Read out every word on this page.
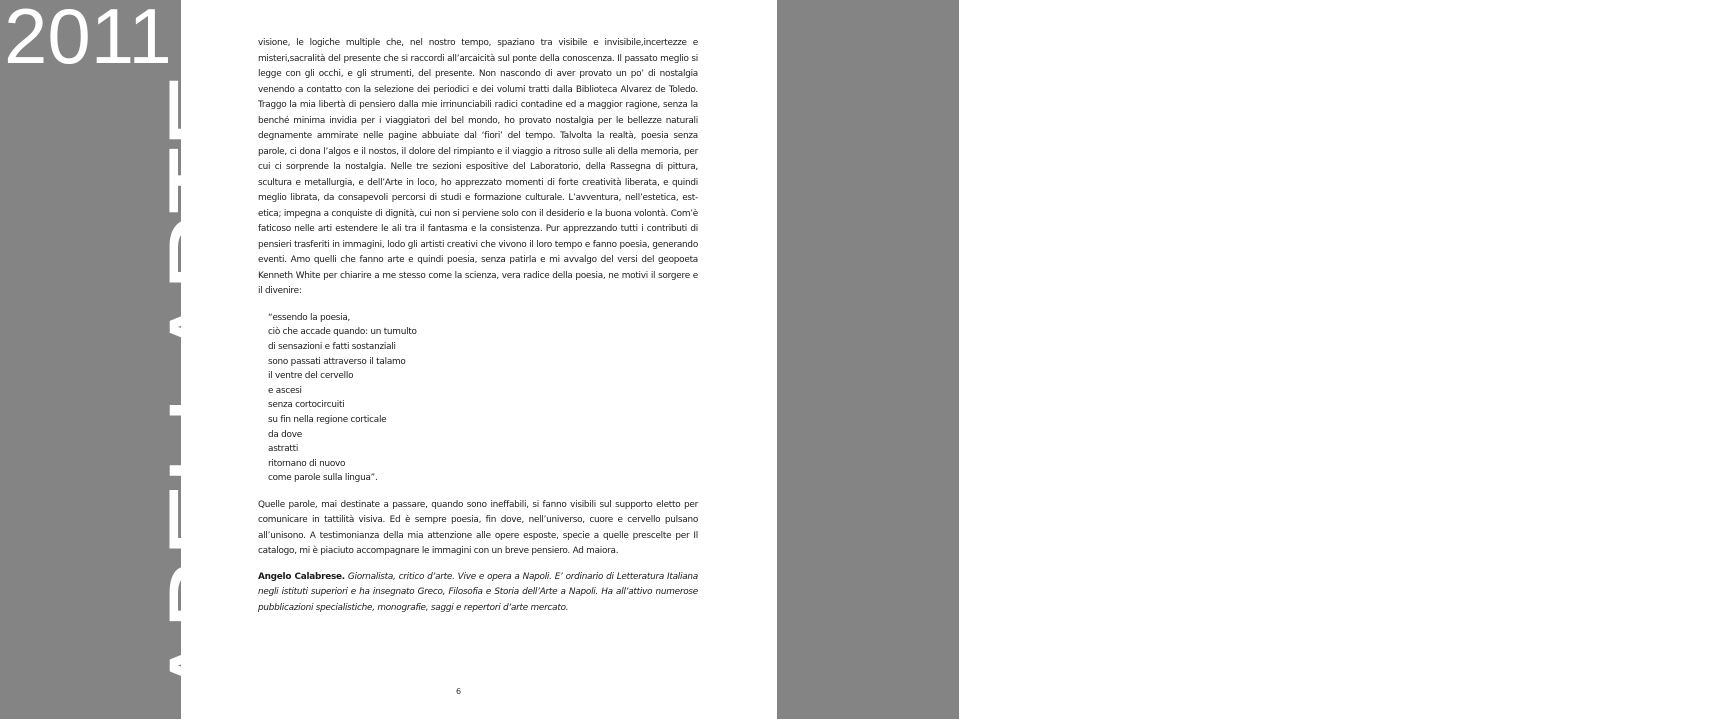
2011
ABELLARTE	ABELLARTE
2011

visione, le logiche multiple che, nel nostro tempo, spaziano tra visibile e invisibile,incertezze e misteri,sacralità del presente che si raccordi all’arcaicità sul ponte della conoscenza. Il passato meglio si legge con gli occhi, e gli strumenti, del presente. Non nascondo di aver provato un po’ di nostalgia venendo a contatto con la selezione dei periodici e dei volumi tratti dalla Biblioteca Alvarez de Toledo. Traggo la mia libertà di pensiero dalla mie irrinunciabili radici contadine ed a maggior ragione, senza la benché minima invidia per i viaggiatori del bel mondo, ho provato nostalgia per le bellezze naturali degnamente ammirate nelle pagine abbuiate dal ‘fiori’ del tempo. Talvolta la realtà, poesia senza parole, ci dona l’algos e il nostos, il dolore del rimpianto e il viaggio a ritroso sulle ali della memoria, per cui ci sorprende la nostalgia. Nelle tre sezioni espositive del Laboratorio, della Rassegna di pittura, scultura e metallurgia, e dell’Arte in loco, ho apprezzato momenti di forte creatività liberata, e quindi meglio librata, da consapevoli percorsi di studi e formazione culturale. L’avventura, nell’estetica, est-etica; impegna a conquiste di dignità, cui non si perviene solo con il desiderio e la buona volontà. Com’è faticoso nelle arti estendere le ali tra il fantasma e la consistenza. Pur apprezzando tutti i contributi di pensieri trasferiti in immagini, lodo gli artisti creativi che vivono il loro tempo e fanno poesia, generando eventi. Amo quelli che fanno arte e quindi poesia, senza patirla e mi avvalgo del versi del geopoeta Kenneth White per chiarire a me stesso come la scienza, vera radice della poesia, ne motivi il sorgere e il divenire:

“essendo la poesia,
ciò che accade quando: un tumulto
di sensazioni e fatti sostanziali
sono passati attraverso il talamo
il ventre del cervello
e ascesi
senza cortocircuiti
su fin nella regione corticale
da dove
astratti
ritornano di nuovo
come parole sulla lingua”.

Quelle parole, mai destinate a passare, quando sono ineffabili, si fanno visibili sul supporto eletto per comunicare in tattilità visiva. Ed è sempre poesia, fin dove, nell’universo, cuore e cervello pulsano all’unisono. A testimonianza della mia attenzione alle opere esposte, specie a quelle prescelte per Il catalogo, mi è piaciuto accompagnare le immagini con un breve pensiero. Ad maiora.

Angelo Calabrese. Giornalista, critico d’arte. Vive e opera a Napoli. E’ ordinario di Letteratura Italiana negli istituti superiori e ha insegnato Greco, Filosofia e Storia dell’Arte a Napoli. Ha all’attivo numerose pubblicazioni specialistiche, monografie, saggi e repertori d’arte mercato.

6
